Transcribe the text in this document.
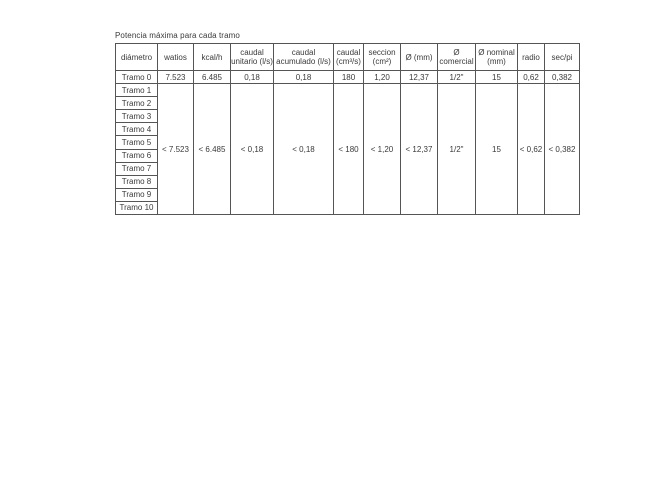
Potencia máxima para cada tramo
diámetro	watios	kcal/h	caudal unitario (l/s)	caudal acumulado (l/s)	caudal (cm³/s)	seccion (cm²)	Ø (mm)	Ø comercial	Ø nominal (mm)	radio	sec/pi
Tramo 0	7.523	6.485	0,18	0,18	180	1,20	12,37	1/2"	15	0,62	0,382
Tramo 1	< 7.523	< 6.485	< 0,18	< 0,18	< 180	< 1,20	< 12,37	1/2"	15	< 0,62	< 0,382
Tramo 2											
Tramo 3											
Tramo 4											
Tramo 5											
Tramo 6											
Tramo 7											
Tramo 8											
Tramo 9											
Tramo 10											
